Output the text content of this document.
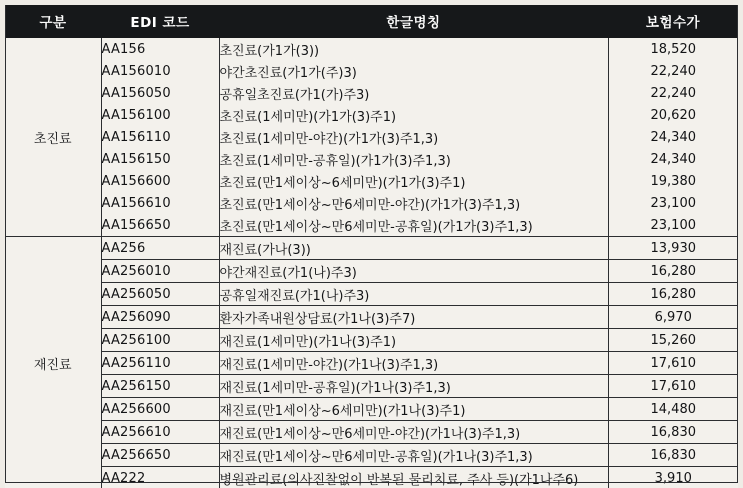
구분	EDI 코드	한글명칭	보험수가
초진료	AA156	초진료(가1가(3))	18,520
	AA156010	야간초진료(가1가(주)3)	22,240
	AA156050	공휴일초진료(가1(가)주3)	22,240
	AA156100	초진료(1세미만)(가1가(3)주1)	20,620
	AA156110	초진료(1세미만-야간)(가1가(3)주1,3)	24,340
	AA156150	초진료(1세미만-공휴일)(가1가(3)주1,3)	24,340
	AA156600	초진료(만1세이상~6세미만)(가1가(3)주1)	19,380
	AA156610	초진료(만1세이상~만6세미만-야간)(가1가(3)주1,3)	23,100
	AA156650	초진료(만1세이상~만6세미만-공휴일)(가1가(3)주1,3)	23,100
재진료	AA256	재진료(가나(3))	13,930
	AA256010	야간재진료(가1(나)주3)	16,280
	AA256050	공휴일재진료(가1(나)주3)	16,280
	AA256090	환자가족내원상담료(가1나(3)주7)	6,970
	AA256100	재진료(1세미만)(가1나(3)주1)	15,260
	AA256110	재진료(1세미만-야간)(가1나(3)주1,3)	17,610
	AA256150	재진료(1세미만-공휴일)(가1나(3)주1,3)	17,610
	AA256600	재진료(만1세이상~6세미만)(가1나(3)주1)	14,480
	AA256610	재진료(만1세이상~만6세미만-야간)(가1나(3)주1,3)	16,830
	AA256650	재진료(만1세이상~만6세미만-공휴일)(가1나(3)주1,3)	16,830
	AA222	병원관리료(의사진찰없이 반복된 물리치료, 주사 등)(가1나주6)	3,910
